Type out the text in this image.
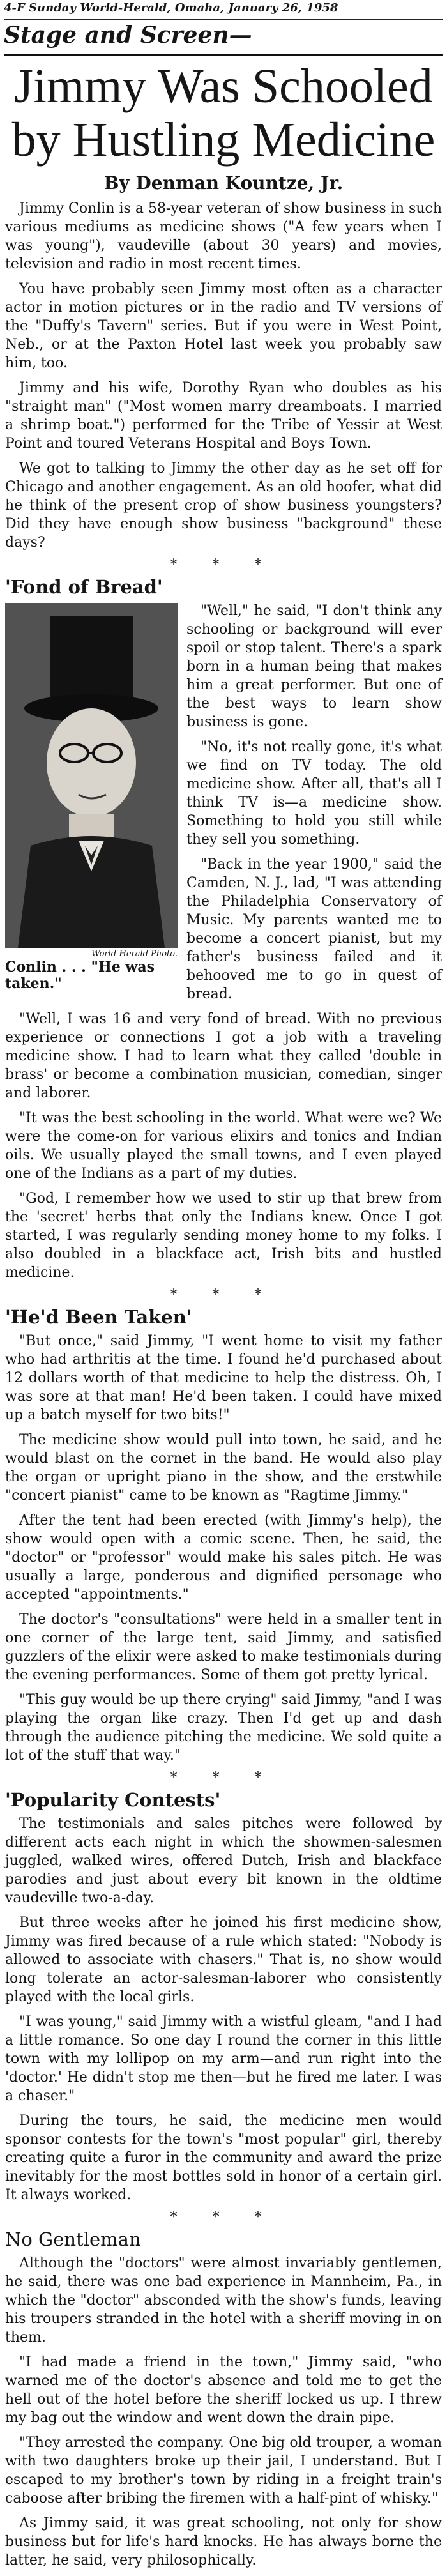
4-F Sunday World-Herald, Omaha, January 26, 1958
Stage and Screen—
Jimmy Was Schooled
by Hustling Medicine
By Denman Kountze, Jr.

Jimmy Conlin is a 58-year veteran of show business in such various mediums as medicine shows ("A few years when I was young"), vaudeville (about 30 years) and movies, television and radio in most recent times.

You have probably seen Jimmy most often as a character actor in motion pictures or in the radio and TV versions of the "Duffy's Tavern" series. But if you were in West Point, Neb., or at the Paxton Hotel last week you probably saw him, too.

Jimmy and his wife, Dorothy Ryan who doubles as his "straight man" ("Most women marry dreamboats. I married a shrimp boat.") performed for the Tribe of Yessir at West Point and toured Veterans Hospital and Boys Town.

We got to talking to Jimmy the other day as he set off for Chicago and another engagement. As an old hoofer, what did he think of the present crop of show business youngsters? Did they have enough show business "background" these days?

* * *
'Fond of Bread'
—World-Herald Photo.
Conlin . . . "He was taken."

"Well," he said, "I don't think any schooling or background will ever spoil or stop talent. There's a spark born in a human being that makes him a great performer. But one of the best ways to learn show business is gone.

"No, it's not really gone, it's what we find on TV today. The old medicine show. After all, that's all I think TV is—a medicine show. Something to hold you still while they sell you something.

"Back in the year 1900," said the Camden, N. J., lad, "I was attending the Philadelphia Conservatory of Music. My parents wanted me to become a concert pianist, but my father's business failed and it behooved me to go in quest of bread.

"Well, I was 16 and very fond of bread. With no previous experience or connections I got a job with a traveling medicine show. I had to learn what they called 'double in brass' or become a combination musician, comedian, singer and laborer.

"It was the best schooling in the world. What were we? We were the come-on for various elixirs and tonics and Indian oils. We usually played the small towns, and I even played one of the Indians as a part of my duties.

"God, I remember how we used to stir up that brew from the 'secret' herbs that only the Indians knew. Once I got started, I was regularly sending money home to my folks. I also doubled in a blackface act, Irish bits and hustled medicine.

* * *
'He'd Been Taken'

"But once," said Jimmy, "I went home to visit my father who had arthritis at the time. I found he'd purchased about 12 dollars worth of that medicine to help the distress. Oh, I was sore at that man! He'd been taken. I could have mixed up a batch myself for two bits!"

The medicine show would pull into town, he said, and he would blast on the cornet in the band. He would also play the organ or upright piano in the show, and the erstwhile "concert pianist" came to be known as "Ragtime Jimmy."

After the tent had been erected (with Jimmy's help), the show would open with a comic scene. Then, he said, the "doctor" or "professor" would make his sales pitch. He was usually a large, ponderous and dignified personage who accepted "appointments."

The doctor's "consultations" were held in a smaller tent in one corner of the large tent, said Jimmy, and satisfied guzzlers of the elixir were asked to make testimonials during the evening performances. Some of them got pretty lyrical.

"This guy would be up there crying" said Jimmy, "and I was playing the organ like crazy. Then I'd get up and dash through the audience pitching the medicine. We sold quite a lot of the stuff that way."

* * *
'Popularity Contests'

The testimonials and sales pitches were followed by different acts each night in which the showmen-salesmen juggled, walked wires, offered Dutch, Irish and blackface parodies and just about every bit known in the oldtime vaudeville two-a-day.

But three weeks after he joined his first medicine show, Jimmy was fired because of a rule which stated: "Nobody is allowed to associate with chasers." That is, no show would long tolerate an actor-salesman-laborer who consistently played with the local girls.

"I was young," said Jimmy with a wistful gleam, "and I had a little romance. So one day I round the corner in this little town with my lollipop on my arm—and run right into the 'doctor.' He didn't stop me then—but he fired me later. I was a chaser."

During the tours, he said, the medicine men would sponsor contests for the town's "most popular" girl, thereby creating quite a furor in the community and award the prize inevitably for the most bottles sold in honor of a certain girl. It always worked.

* * *
No Gentleman

Although the "doctors" were almost invariably gentlemen, he said, there was one bad experience in Mannheim, Pa., in which the "doctor" absconded with the show's funds, leaving his troupers stranded in the hotel with a sheriff moving in on them.

"I had made a friend in the town," Jimmy said, "who warned me of the doctor's absence and told me to get the hell out of the hotel before the sheriff locked us up. I threw my bag out the window and went down the drain pipe.

"They arrested the company. One big old trouper, a woman with two daughters broke up their jail, I understand. But I escaped to my brother's town by riding in a freight train's caboose after bribing the firemen with a half-pint of whisky."

As Jimmy said, it was great schooling, not only for show business but for life's hard knocks. He has always borne the latter, he said, very philosophically.
